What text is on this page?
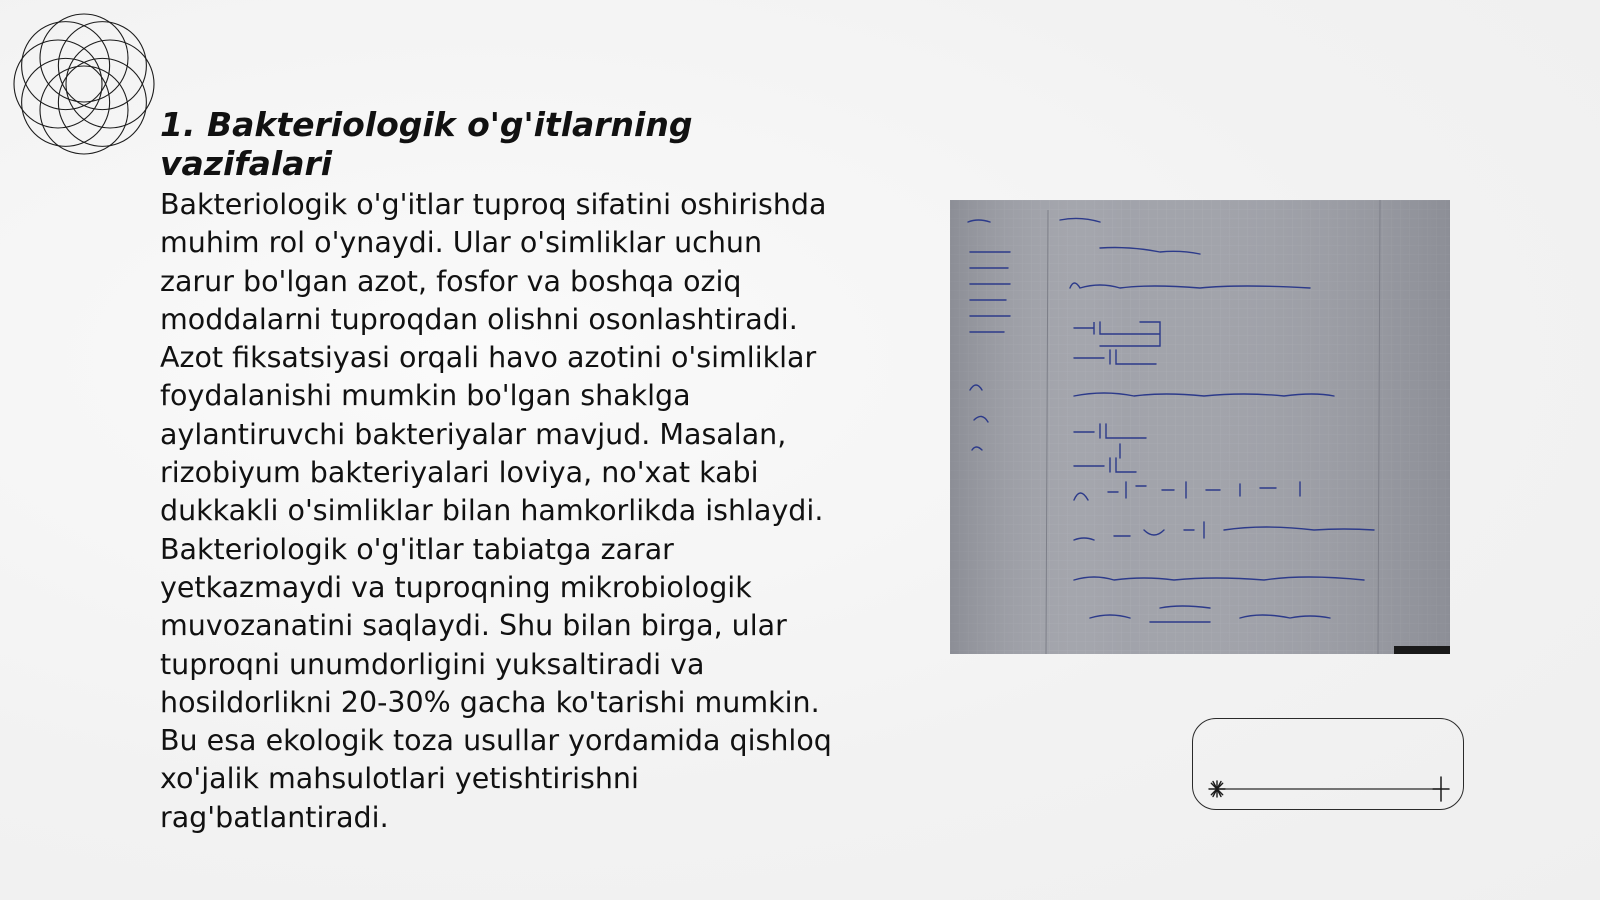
1. Bakteriologik o'g'itlarning vazifalari

Bakteriologik o'g'itlar tuproq sifatini oshirishda muhim rol o'ynaydi. Ular o'simliklar uchun zarur bo'lgan azot, fosfor va boshqa oziq moddalarni tuproqdan olishni osonlashtiradi. Azot fiksatsiyasi orqali havo azotini o'simliklar foydalanishi mumkin bo'lgan shaklga aylantiruvchi bakteriyalar mavjud. Masalan, rizobiyum bakteriyalari loviya, no'xat kabi dukkakli o'simliklar bilan hamkorlikda ishlaydi. Bakteriologik o'g'itlar tabiatga zarar yetkazmaydi va tuproqning mikrobiologik muvozanatini saqlaydi. Shu bilan birga, ular tuproqni unumdorligini yuksaltiradi va hosildorlikni 20-30% gacha ko'tarishi mumkin. Bu esa ekologik toza usullar yordamida qishloq xo'jalik mahsulotlari yetishtirishni rag'batlantiradi.
